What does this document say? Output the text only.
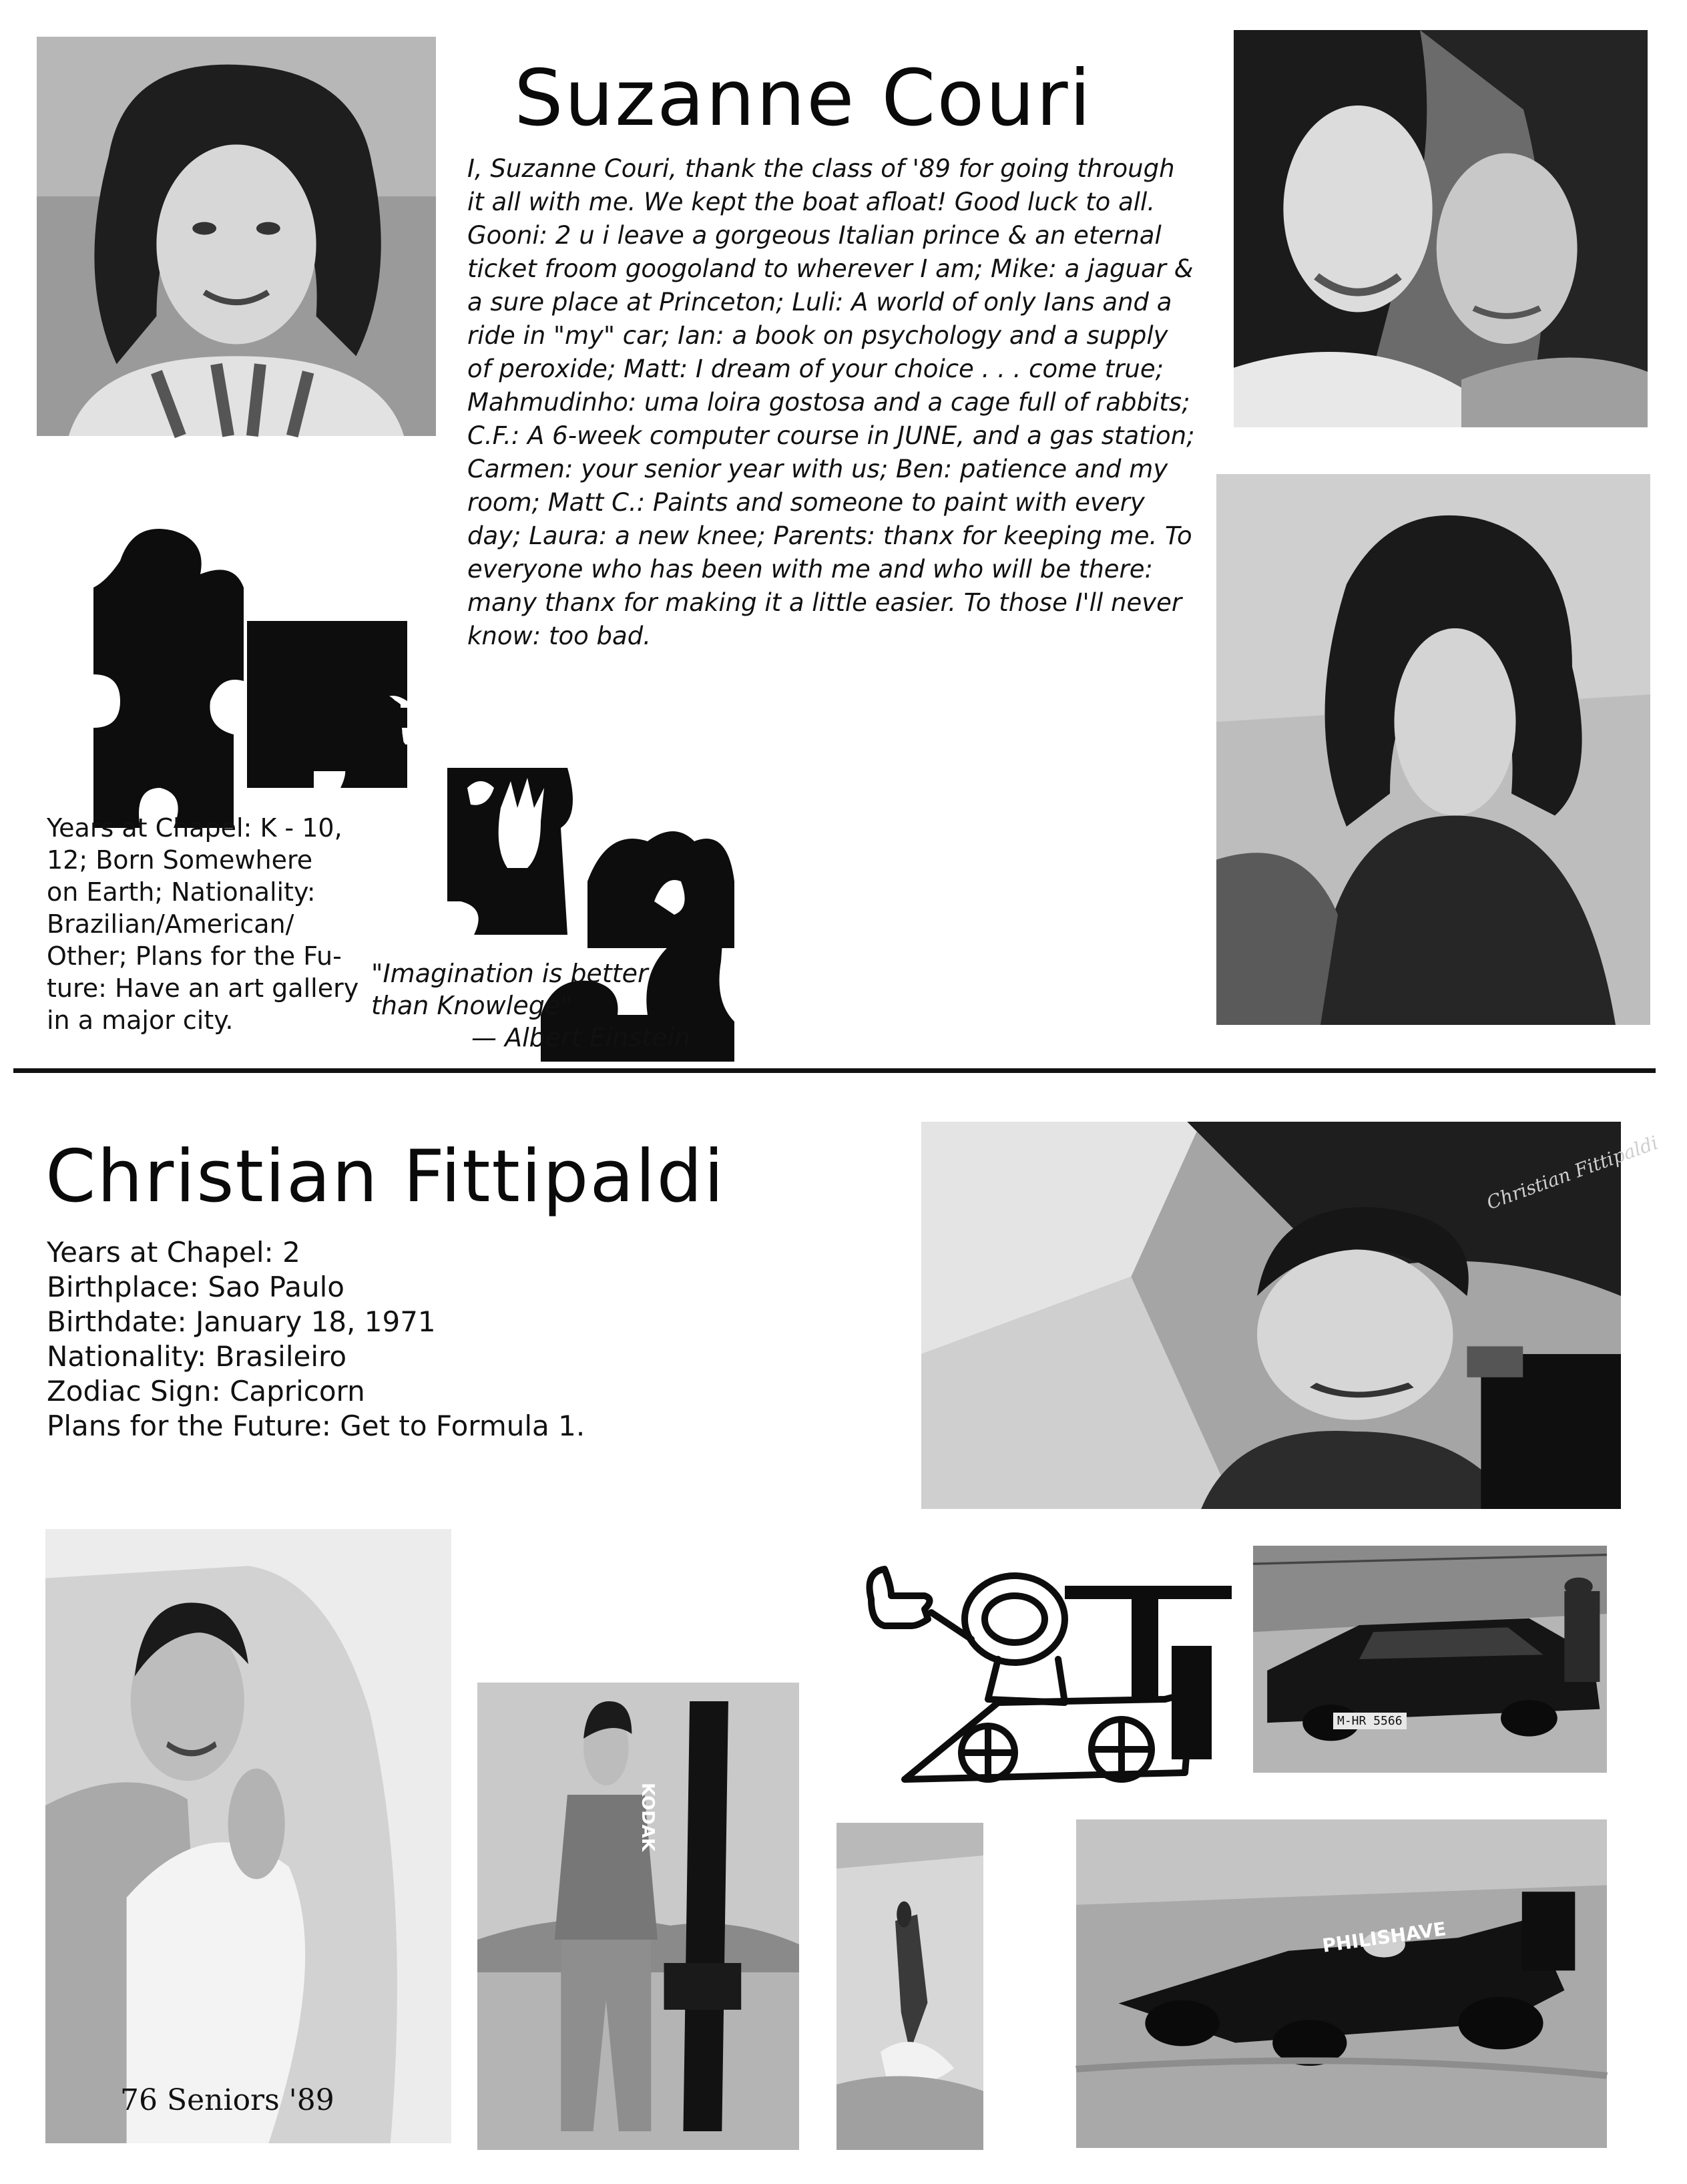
Suzanne Couri

I, Suzanne Couri, thank the class of '89 for going through it all with me. We kept the boat afloat! Good luck to all. Gooni: 2 u i leave a gorgeous Italian prince & an eternal ticket froom googoland to wherever I am; Mike: a jaguar & a sure place at Princeton; Luli: A world of only Ians and a ride in "my" car; Ian: a book on psychology and a supply of peroxide; Matt: I dream of your choice . . . come true; Mahmudinho: uma loira gostosa and a cage full of rabbits; C.F.: A 6-week computer course in JUNE, and a gas station; Carmen: your senior year with us; Ben: patience and my room; Matt C.: Paints and someone to paint with every day; Laura: a new knee; Parents: thanx for keeping me. To everyone who has been with me and who will be there: many thanx for making it a little easier. To those I'll never know: too bad.

Years at Chapel: K - 10,
12; Born Somewhere
on Earth; Nationality:
Brazilian/American/
Other; Plans for the Fu-
ture: Have an art gallery
in a major city.
"Imagination is better
than Knowlege"
— Albert Einstein
Christian Fittipaldi
Years at Chapel: 2
Birthplace: Sao Paulo
Birthdate: January 18, 1971
Nationality: Brasileiro
Zodiac Sign: Capricorn
Plans for the Future: Get to Formula 1.
Christian Fittipaldi
KODAK
M-HR 5566
PHILISHAVE
76 Seniors '89
